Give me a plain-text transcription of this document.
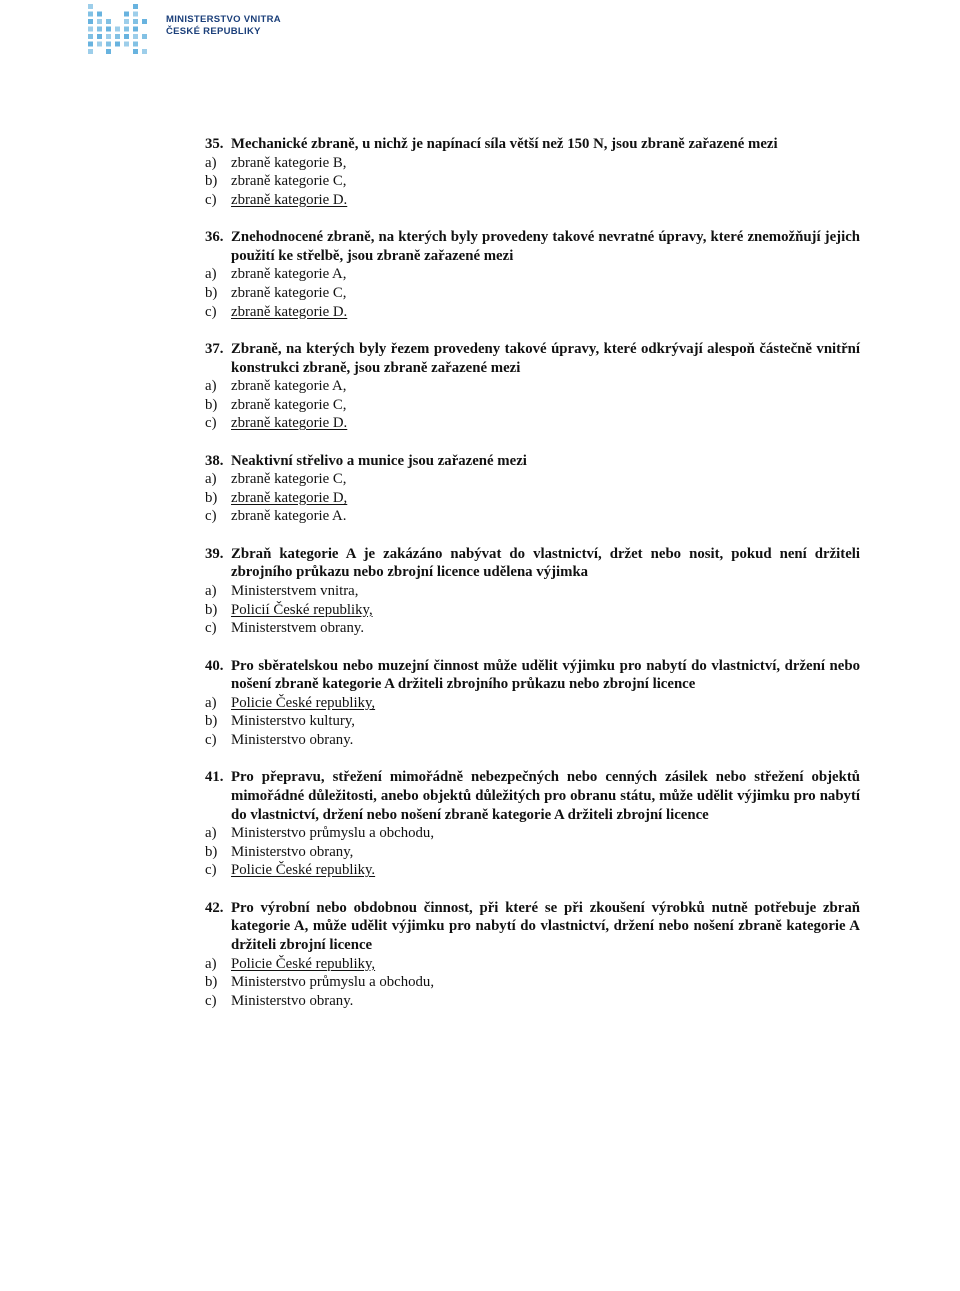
MINISTERSTVO VNITRA
ČESKÉ REPUBLIKY
35. Mechanické zbraně, u nichž je napínací síla větší než 150 N, jsou zbraně zařazené mezi
a) zbraně kategorie B,
b) zbraně kategorie C,
c) zbraně kategorie D.
36. Znehodnocené zbraně, na kterých byly provedeny takové nevratné úpravy, které znemožňují jejich použití ke střelbě, jsou zbraně zařazené mezi
a) zbraně kategorie A,
b) zbraně kategorie C,
c) zbraně kategorie D.
37. Zbraně, na kterých byly řezem provedeny takové úpravy, které odkrývají alespoň částečně vnitřní konstrukci zbraně, jsou zbraně zařazené mezi
a) zbraně kategorie A,
b) zbraně kategorie C,
c) zbraně kategorie D.
38. Neaktivní střelivo a munice jsou zařazené mezi
a) zbraně kategorie C,
b) zbraně kategorie D,
c) zbraně kategorie A.
39. Zbraň kategorie A je zakázáno nabývat do vlastnictví, držet nebo nosit, pokud není držiteli zbrojního průkazu nebo zbrojní licence udělena výjimka
a) Ministerstvem vnitra,
b) Policií České republiky,
c) Ministerstvem obrany.
40. Pro sběratelskou nebo muzejní činnost může udělit výjimku pro nabytí do vlastnictví, držení nebo nošení zbraně kategorie A držiteli zbrojního průkazu nebo zbrojní licence
a) Policie České republiky,
b) Ministerstvo kultury,
c) Ministerstvo obrany.
41. Pro přepravu, střežení mimořádně nebezpečných nebo cenných zásilek nebo střežení objektů mimořádné důležitosti, anebo objektů důležitých pro obranu státu, může udělit výjimku pro nabytí do vlastnictví, držení nebo nošení zbraně kategorie A držiteli zbrojní licence
a) Ministerstvo průmyslu a obchodu,
b) Ministerstvo obrany,
c) Policie České republiky.
42. Pro výrobní nebo obdobnou činnost, při které se při zkoušení výrobků nutně potřebuje zbraň kategorie A, může udělit výjimku pro nabytí do vlastnictví, držení nebo nošení zbraně kategorie A držiteli zbrojní licence
a) Policie České republiky,
b) Ministerstvo průmyslu a obchodu,
c) Ministerstvo obrany.
